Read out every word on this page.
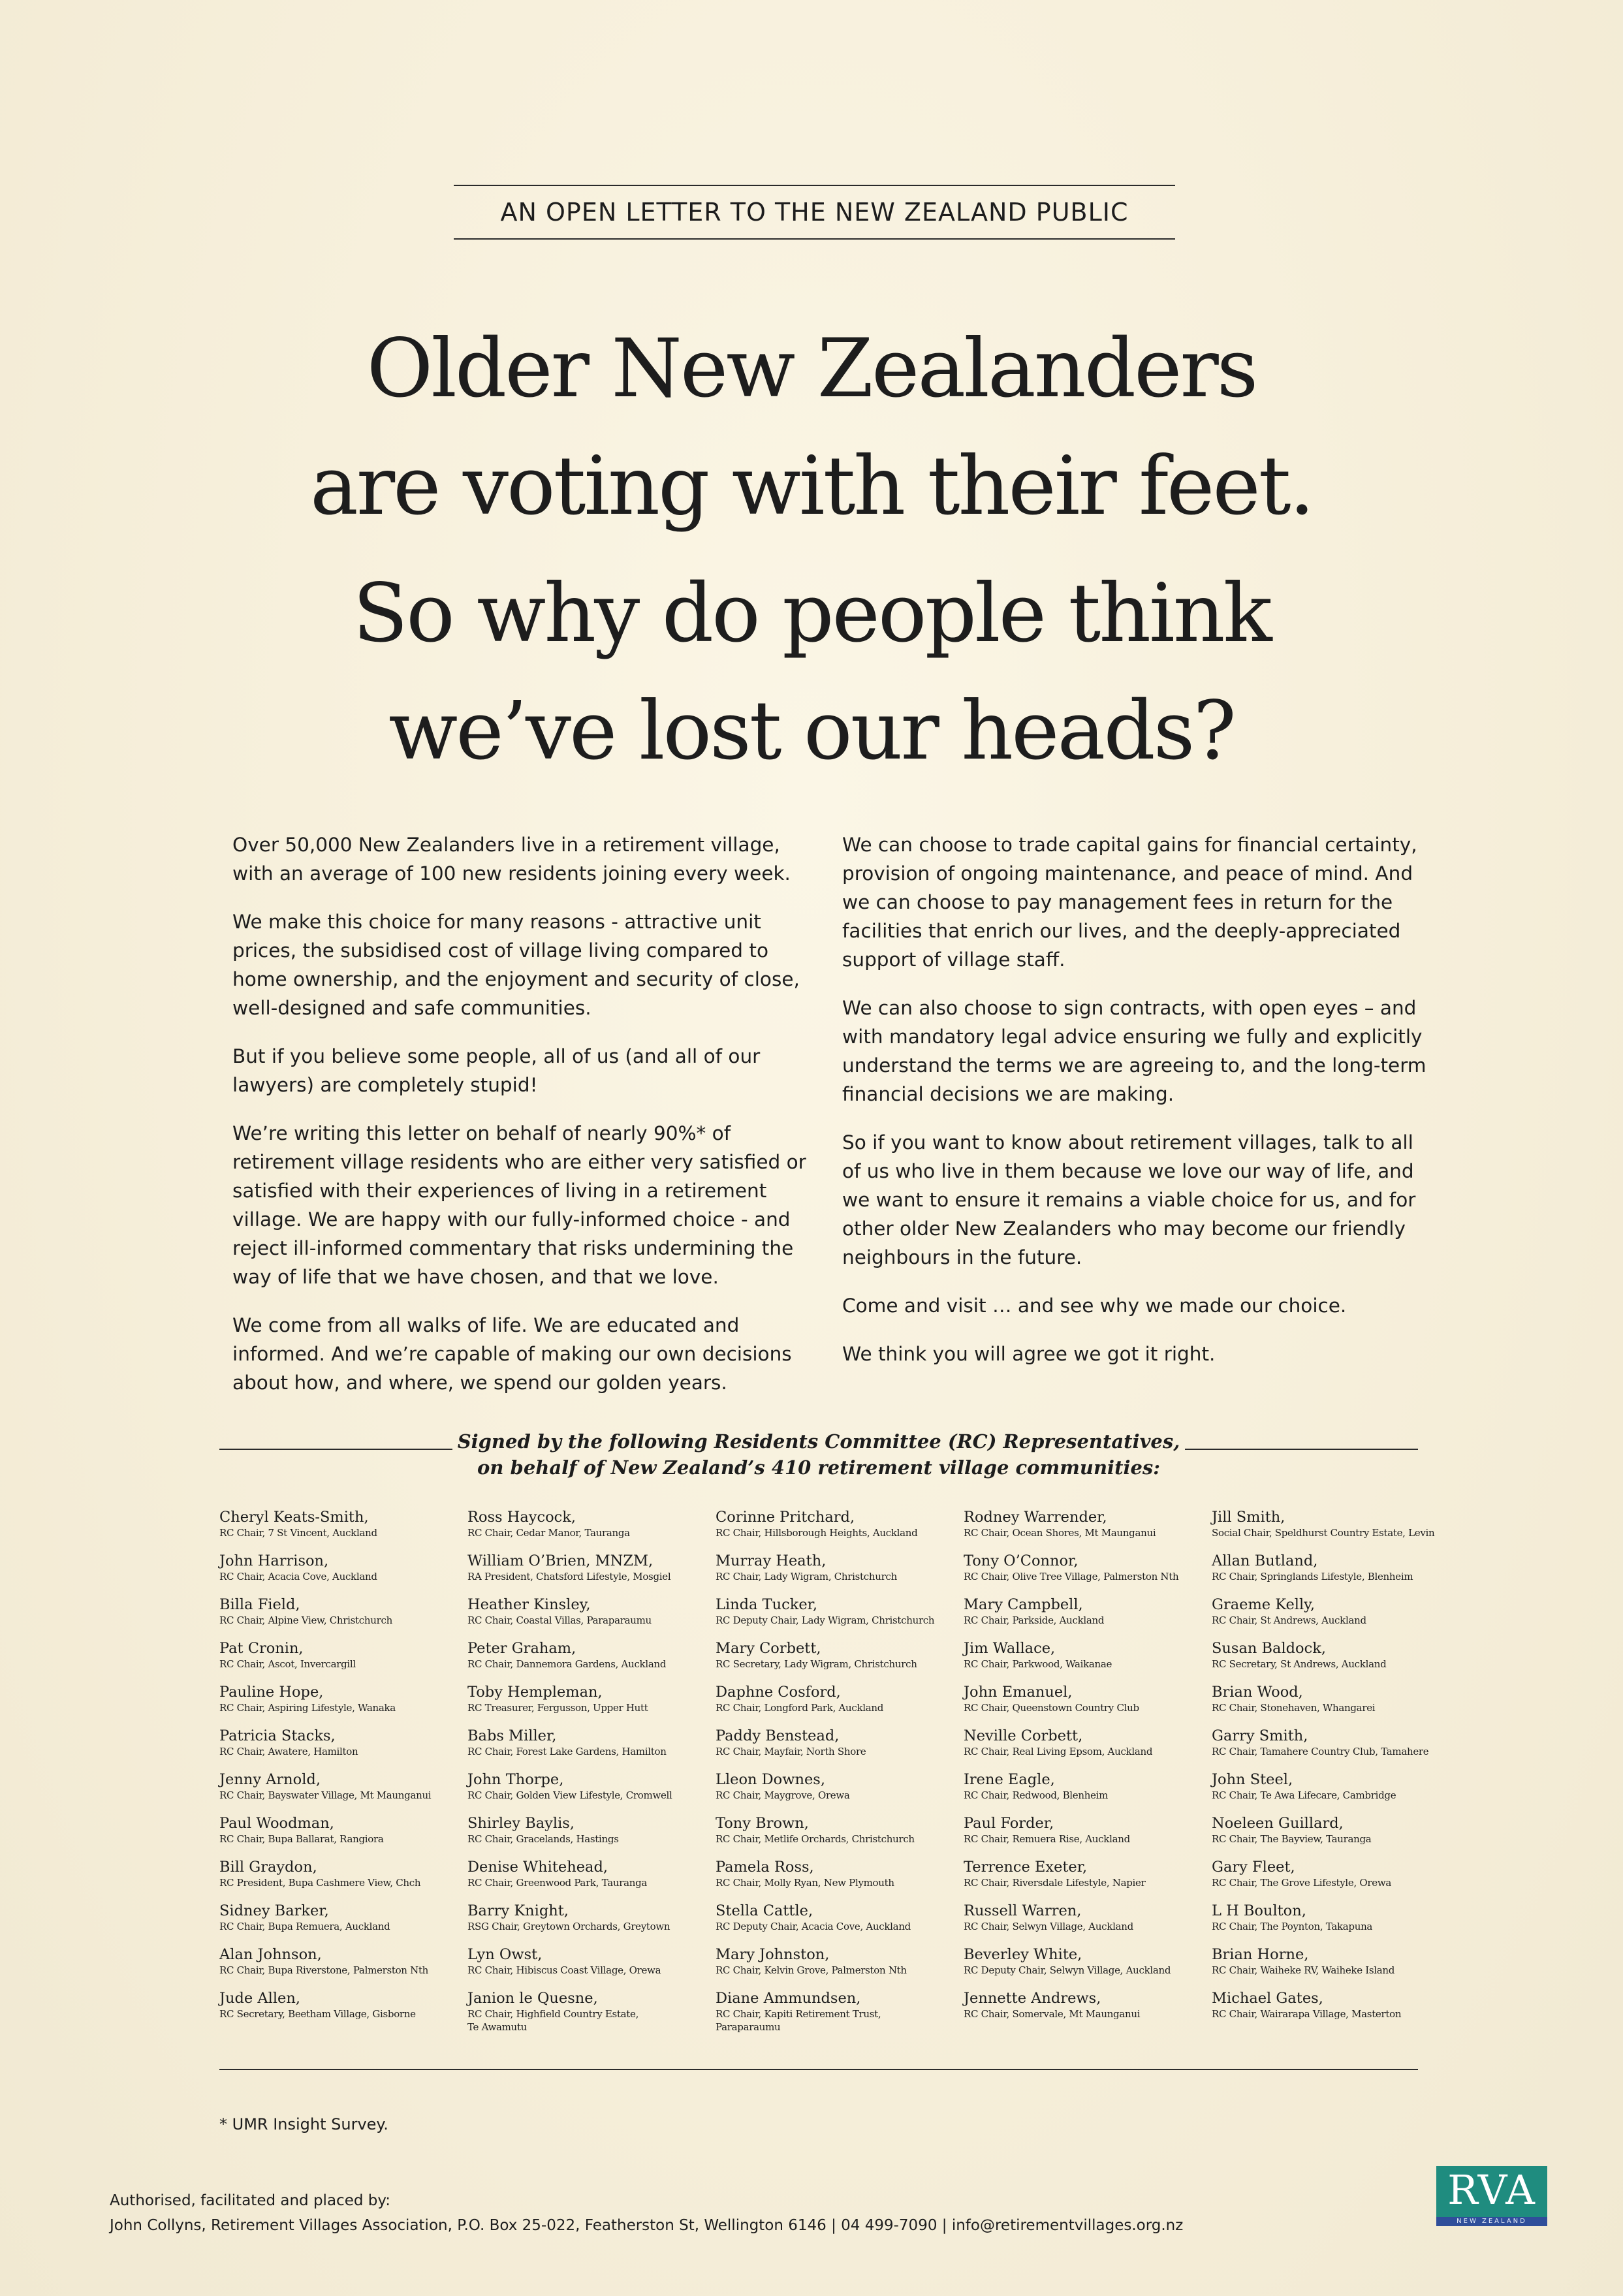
AN OPEN LETTER TO THE NEW ZEALAND PUBLIC
Older New Zealanders
are voting with their feet.
So why do people think
we’ve lost our heads?

Over 50,000 New Zealanders live in a retirement village, with an average of 100 new residents joining every week.

We make this choice for many reasons - attractive unit prices, the subsidised cost of village living compared to home ownership, and the enjoyment and security of close, well-designed and safe communities.

But if you believe some people, all of us (and all of our lawyers) are completely stupid!

We’re writing this letter on behalf of nearly 90%* of retirement village residents who are either very satisfied or satisfied with their experiences of living in a retirement village. We are happy with our fully-informed choice - and reject ill-informed commentary that risks undermining the way of life that we have chosen, and that we love.

We come from all walks of life. We are educated and informed. And we’re capable of making our own decisions about how, and where, we spend our golden years.

We can choose to trade capital gains for financial certainty, provision of ongoing maintenance, and peace of mind. And we can choose to pay management fees in return for the facilities that enrich our lives, and the deeply-appreciated support of village staff.

We can also choose to sign contracts, with open eyes – and with mandatory legal advice ensuring we fully and explicitly understand the terms we are agreeing to, and the long-term financial decisions we are making.

So if you want to know about retirement villages, talk to all of us who live in them because we love our way of life, and we want to ensure it remains a viable choice for us, and for other older New Zealanders who may become our friendly neighbours in the future.

Come and visit … and see why we made our choice.

We think you will agree we got it right.

Signed by the following Residents Committee (RC) Representatives,
on behalf of New Zealand’s 410 retirement village communities:
Cheryl Keats-Smith,
RC Chair, 7 St Vincent, Auckland
Ross Haycock,
RC Chair, Cedar Manor, Tauranga
Corinne Pritchard,
RC Chair, Hillsborough Heights, Auckland
Rodney Warrender,
RC Chair, Ocean Shores, Mt Maunganui
Jill Smith,
Social Chair, Speldhurst Country Estate, Levin
John Harrison,
RC Chair, Acacia Cove, Auckland
William O’Brien, MNZM,
RA President, Chatsford Lifestyle, Mosgiel
Murray Heath,
RC Chair, Lady Wigram, Christchurch
Tony O’Connor,
RC Chair, Olive Tree Village, Palmerston Nth
Allan Butland,
RC Chair, Springlands Lifestyle, Blenheim
Billa Field,
RC Chair, Alpine View, Christchurch
Heather Kinsley,
RC Chair, Coastal Villas, Paraparaumu
Linda Tucker,
RC Deputy Chair, Lady Wigram, Christchurch
Mary Campbell,
RC Chair, Parkside, Auckland
Graeme Kelly,
RC Chair, St Andrews, Auckland
Pat Cronin,
RC Chair, Ascot, Invercargill
Peter Graham,
RC Chair, Dannemora Gardens, Auckland
Mary Corbett,
RC Secretary, Lady Wigram, Christchurch
Jim Wallace,
RC Chair, Parkwood, Waikanae
Susan Baldock,
RC Secretary, St Andrews, Auckland
Pauline Hope,
RC Chair, Aspiring Lifestyle, Wanaka
Toby Hempleman,
RC Treasurer, Fergusson, Upper Hutt
Daphne Cosford,
RC Chair, Longford Park, Auckland
John Emanuel,
RC Chair, Queenstown Country Club
Brian Wood,
RC Chair, Stonehaven, Whangarei
Patricia Stacks,
RC Chair, Awatere, Hamilton
Babs Miller,
RC Chair, Forest Lake Gardens, Hamilton
Paddy Benstead,
RC Chair, Mayfair, North Shore
Neville Corbett,
RC Chair, Real Living Epsom, Auckland
Garry Smith,
RC Chair, Tamahere Country Club, Tamahere
Jenny Arnold,
RC Chair, Bayswater Village, Mt Maunganui
John Thorpe,
RC Chair, Golden View Lifestyle, Cromwell
Lleon Downes,
RC Chair, Maygrove, Orewa
Irene Eagle,
RC Chair, Redwood, Blenheim
John Steel,
RC Chair, Te Awa Lifecare, Cambridge
Paul Woodman,
RC Chair, Bupa Ballarat, Rangiora
Shirley Baylis,
RC Chair, Gracelands, Hastings
Tony Brown,
RC Chair, Metlife Orchards, Christchurch
Paul Forder,
RC Chair, Remuera Rise, Auckland
Noeleen Guillard,
RC Chair, The Bayview, Tauranga
Bill Graydon,
RC President, Bupa Cashmere View, Chch
Denise Whitehead,
RC Chair, Greenwood Park, Tauranga
Pamela Ross,
RC Chair, Molly Ryan, New Plymouth
Terrence Exeter,
RC Chair, Riversdale Lifestyle, Napier
Gary Fleet,
RC Chair, The Grove Lifestyle, Orewa
Sidney Barker,
RC Chair, Bupa Remuera, Auckland
Barry Knight,
RSG Chair, Greytown Orchards, Greytown
Stella Cattle,
RC Deputy Chair, Acacia Cove, Auckland
Russell Warren,
RC Chair, Selwyn Village, Auckland
L H Boulton,
RC Chair, The Poynton, Takapuna
Alan Johnson,
RC Chair, Bupa Riverstone, Palmerston Nth
Lyn Owst,
RC Chair, Hibiscus Coast Village, Orewa
Mary Johnston,
RC Chair, Kelvin Grove, Palmerston Nth
Beverley White,
RC Deputy Chair, Selwyn Village, Auckland
Brian Horne,
RC Chair, Waiheke RV, Waiheke Island
Jude Allen,
RC Secretary, Beetham Village, Gisborne
Janion le Quesne,
RC Chair, Highfield Country Estate,
Te Awamutu
Diane Ammundsen,
RC Chair, Kapiti Retirement Trust,
Paraparaumu
Jennette Andrews,
RC Chair, Somervale, Mt Maunganui
Michael Gates,
RC Chair, Wairarapa Village, Masterton
* UMR Insight Survey.
Authorised, facilitated and placed by:
John Collyns, Retirement Villages Association, P.O. Box 25-022, Featherston St, Wellington 6146 | 04 499-7090 | info@retirementvillages.org.nz
RVA
NEW ZEALAND
